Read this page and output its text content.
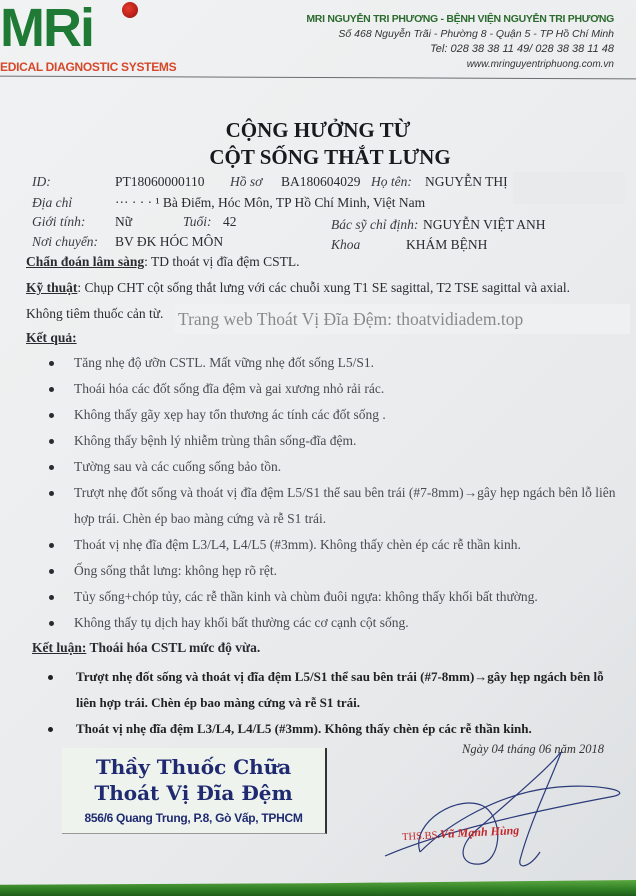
MRi
EDICAL DIAGNOSTIC SYSTEMS
MRI NGUYỄN TRI PHƯƠNG - BỆNH VIỆN NGUYỄN TRI PHƯƠNG
Số 468 Nguyễn Trãi - Phường 8 - Quận 5 - TP Hồ Chí Minh
Tel: 028 38 38 11 49/ 028 38 38 11 48
www.mringuyentriphuong.com.vn
CỘNG HƯỞNG TỪ
CỘT SỐNG THẮT LƯNG
ID:	PT18060000110 Hồ sơ BA180604029 Họ tên: NGUYỄN THỊ
Địa chỉ	··· · · · ¹ Bà Điểm, Hóc Môn, TP Hồ Chí Minh, Việt Nam
Giới tính: Nữ	Tuổi: 42	Bác sỹ chỉ định: NGUYỄN VIỆT ANH
Nơi chuyển: BV ĐK HÓC MÔN	Khoa	KHÁM BỆNH
Chẩn đoán lâm sàng: TD thoát vị đĩa đệm CSTL.
Kỹ thuật: Chụp CHT cột sống thắt lưng với các chuỗi xung T1 SE sagittal, T2 TSE sagittal và axial.
Không tiêm thuốc cản từ. Trang web Thoát Vị Đĩa Đệm: thoatvidiadem.top
Kết quả:
Tăng nhẹ độ ưỡn CSTL. Mất vững nhẹ đốt sống L5/S1.
Thoái hóa các đốt sống đĩa đệm và gai xương nhỏ rải rác.
Không thấy gãy xẹp hay tổn thương ác tính các đốt sống .
Không thấy bệnh lý nhiễm trùng thân sống-đĩa đệm.
Tường sau và các cuống sống bảo tồn.
Trượt nhẹ đốt sống và thoát vị đĩa đệm L5/S1 thể sau bên trái (#7-8mm)→gây hẹp ngách bên lỗ liên hợp trái. Chèn ép bao màng cứng và rễ S1 trái.
Thoát vị nhẹ đĩa đệm L3/L4, L4/L5 (#3mm). Không thấy chèn ép các rễ thần kinh.
Ống sống thắt lưng: không hẹp rõ rệt.
Tủy sống+chóp tủy, các rễ thần kinh và chùm đuôi ngựa: không thấy khối bất thường.
Không thấy tụ dịch hay khối bất thường các cơ cạnh cột sống.
Kết luận: Thoái hóa CSTL mức độ vừa.
Trượt nhẹ đốt sống và thoát vị đĩa đệm L5/S1 thể sau bên trái (#7-8mm)→gây hẹp ngách bên lỗ liên hợp trái. Chèn ép bao màng cứng và rễ S1 trái.
Thoát vị nhẹ đĩa đệm L3/L4, L4/L5 (#3mm). Không thấy chèn ép các rễ thần kinh.
Ngày 04 tháng 06 năm 2018
Thầy Thuốc Chữa
Thoát Vị Đĩa Đệm
856/6 Quang Trung, P.8, Gò Vấp, TPHCM
THS.BS.Vũ Mạnh Hùng
